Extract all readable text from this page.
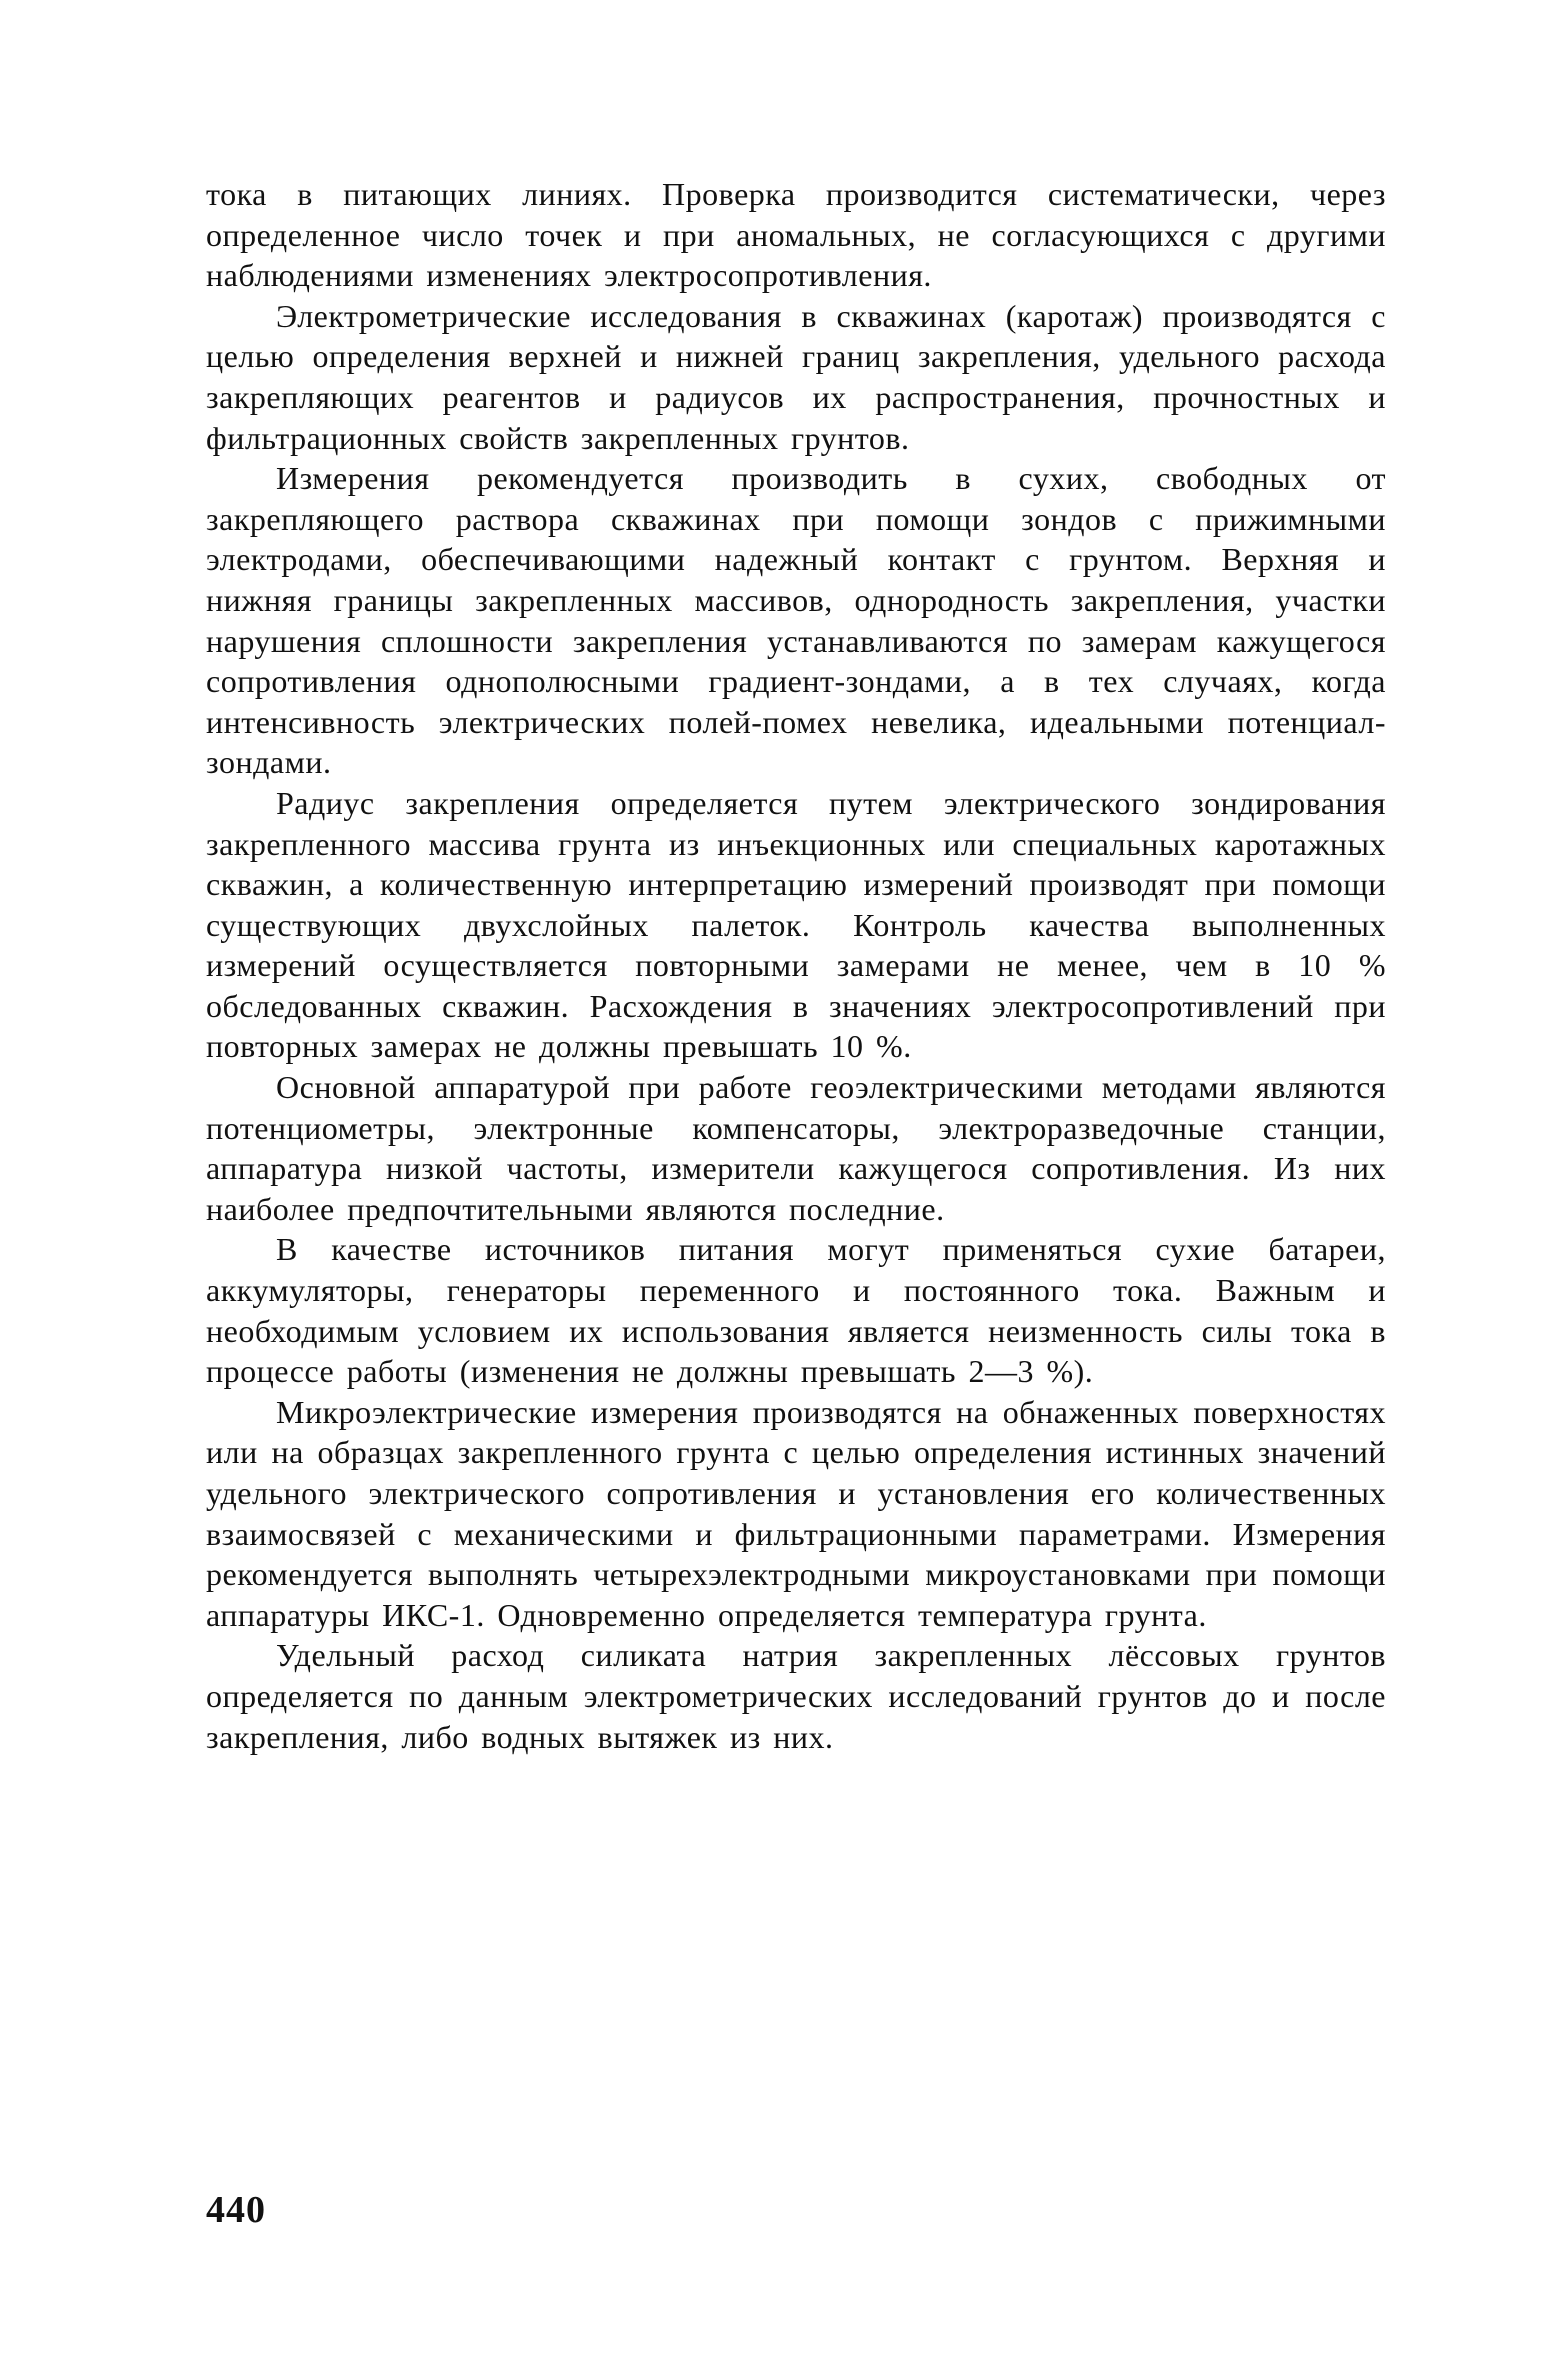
тока в питающих линиях. Проверка производится систематически, через определенное число точек и при аномальных, не согласующихся с другими наблюдениями изменениях электросопротивления.

Электрометрические исследования в скважинах (каротаж) производятся с целью определения верхней и нижней границ закрепления, удельного расхода закрепляющих реагентов и радиусов их распространения, прочностных и фильтрационных свойств закрепленных грунтов.

Измерения рекомендуется производить в сухих, свободных от закрепляющего раствора скважинах при помощи зондов с прижимными электродами, обеспечивающими надежный контакт с грунтом. Верхняя и нижняя границы закрепленных массивов, однородность закрепления, участки нарушения сплошности закрепления устанавливаются по замерам кажущегося сопротивления однополюсными градиент-зондами, а в тех случаях, когда интенсивность электрических полей-помех невелика, идеальными потенциал-зондами.

Радиус закрепления определяется путем электрического зондирования закрепленного массива грунта из инъекционных или специальных каротажных скважин, а количественную интерпретацию измерений производят при помощи существующих двухслойных палеток. Контроль качества выполненных измерений осуществляется повторными замерами не менее, чем в 10 % обследованных скважин. Расхождения в значениях электросопротивлений при повторных замерах не должны превышать 10 %.

Основной аппаратурой при работе геоэлектрическими методами являются потенциометры, электронные компенсаторы, электроразведочные станции, аппаратура низкой частоты, измерители кажущегося сопротивления. Из них наиболее предпочтительными являются последние.

В качестве источников питания могут применяться сухие батареи, аккумуляторы, генераторы переменного и постоянного тока. Важным и необходимым условием их использования является неизменность силы тока в процессе работы (изменения не должны превышать 2—3 %).

Микроэлектрические измерения производятся на обнаженных поверхностях или на образцах закрепленного грунта с целью определения истинных значений удельного электрического сопротивления и установления его количественных взаимосвязей с механическими и фильтрационными параметрами. Измерения рекомендуется выполнять четырехэлектродными микроустановками при помощи аппаратуры ИКС-1. Одновременно определяется температура грунта.

Удельный расход силиката натрия закрепленных лёссовых грунтов определяется по данным электрометрических исследований грунтов до и после закрепления, либо водных вытяжек из них.

440
